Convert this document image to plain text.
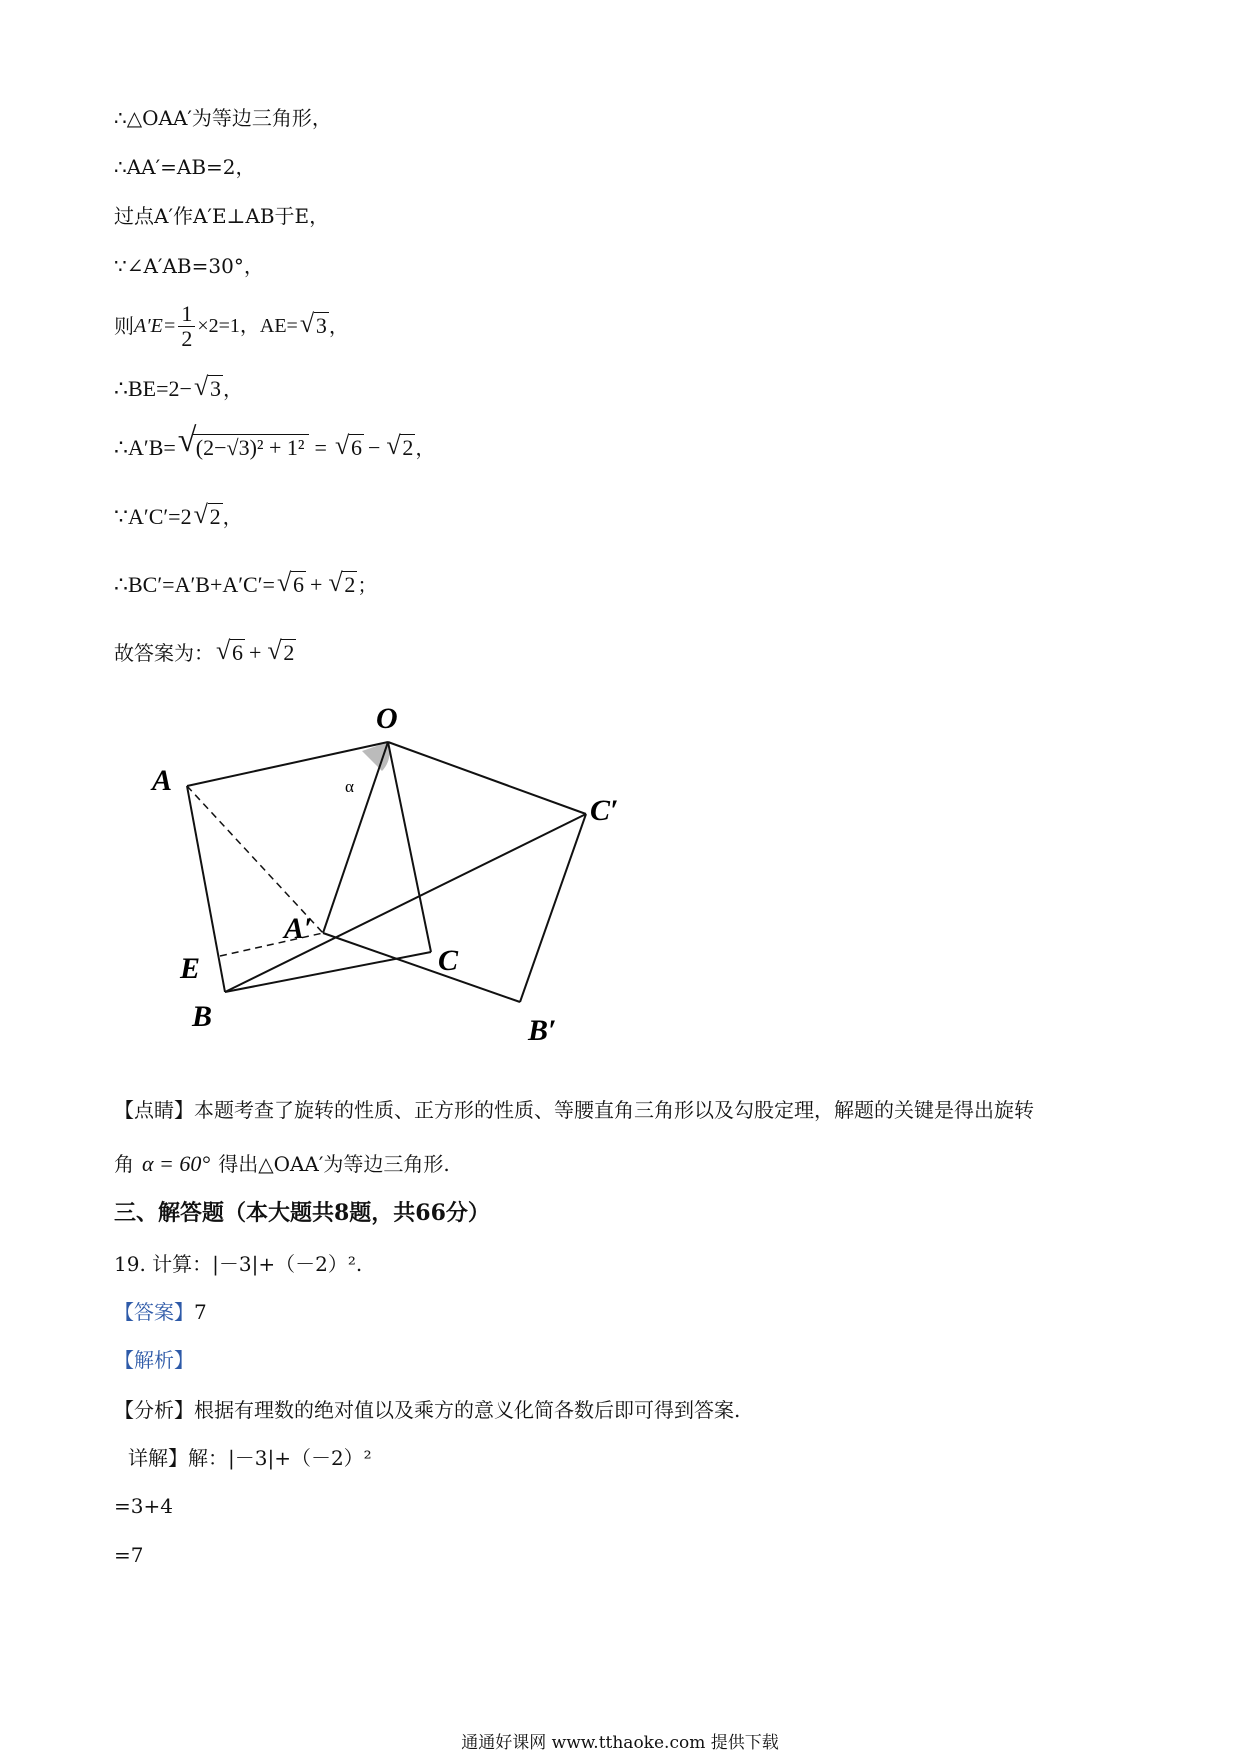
∴△OAA′为等边三角形，
∴AA′=AB=2，
过点A′作A′E⊥AB于E，
∵∠A′AB=30°，
则 $A'E= \frac{1}{2} \times 2=1$，AE= √ 3 ，
∴BE=2− √ 3 ，
∴A′B= √ (2−√3)² + 1² = √ 6 − √ 2 ，
∵A′C′=2 √ 2 ，
∴BC′=A′B+A′C′= √ 6 + √ 2 ；
故答案为： √ 6 + √ 2
O
A	α
C′
A′
C
E
B	B′
【点睛】本题考查了旋转的性质、正方形的性质、等腰直角三角形以及勾股定理，解题的关键是得出旋转
角 α = 60° 得出△OAA′为等边三角形.
三、解答题（本大题共8题，共66分）
19. 计算：|－3|+（－2）².
【答案】7
【解析】
【分析】根据有理数的绝对值以及乘方的意义化简各数后即可得到答案.
详解】解：|－3|+（－2）²
=3+4
=7
通通好课网 www.tthaoke.com 提供下载
